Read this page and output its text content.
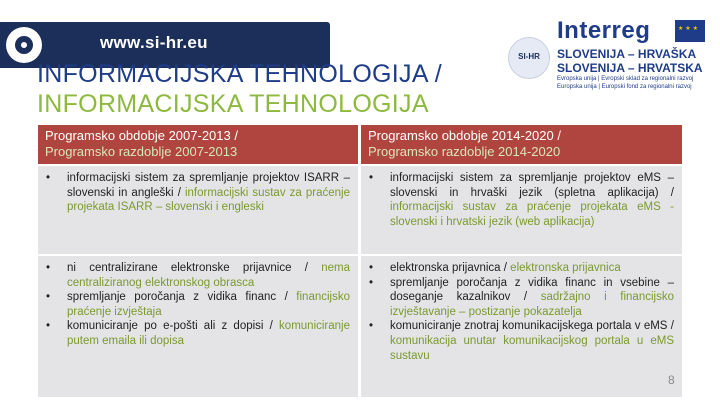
www.si-hr.eu
SI-HR
Interreg
★ ★ ★
SLOVENIJA – HRVAŠKA
SLOVENIJA – HRVATSKA
Evropska unija | Evropski sklad za regionalni razvoj
Europska unija | Europski fond za regionalni razvoj
INFORMACIJSKA TEHNOLOGIJA /
INFORMACIJSKA TEHNOLOGIJA
Programsko obdobje 2007-2013 /
Programsko razdoblje 2007-2013
Programsko obdobje 2014-2020 /
Programsko razdoblje 2014-2020
• informacijski sistem za spremljanje projektov ISARR – slovenski in angleški / informacijski sustav za praćenje projekata ISARR – slovenski i engleski
• informacijski sistem za spremljanje projektov eMS – slovenski in hrvaški jezik (spletna aplikacija) / informacijski sustav za praćenje projekata eMS - slovenski i hrvatski jezik (web aplikacija)
• ni centralizirane elektronske prijavnice / nema centraliziranog elektronskog obrasca
• spremljanje poročanja z vidika financ / financijsko praćenje izvještaja
• komuniciranje po e-pošti ali z dopisi / komuniciranje putem emaila ili dopisa
• elektronska prijavnica / elektronska prijavnica
• spremljanje poročanja z vidika financ in vsebine – doseganje kazalnikov / sadržajno i financijsko izvještavanje – postizanje pokazatelja
• komuniciranje znotraj komunikacijskega portala v eMS / komunikacija unutar komunikacijskog portala u eMS sustavu
8
